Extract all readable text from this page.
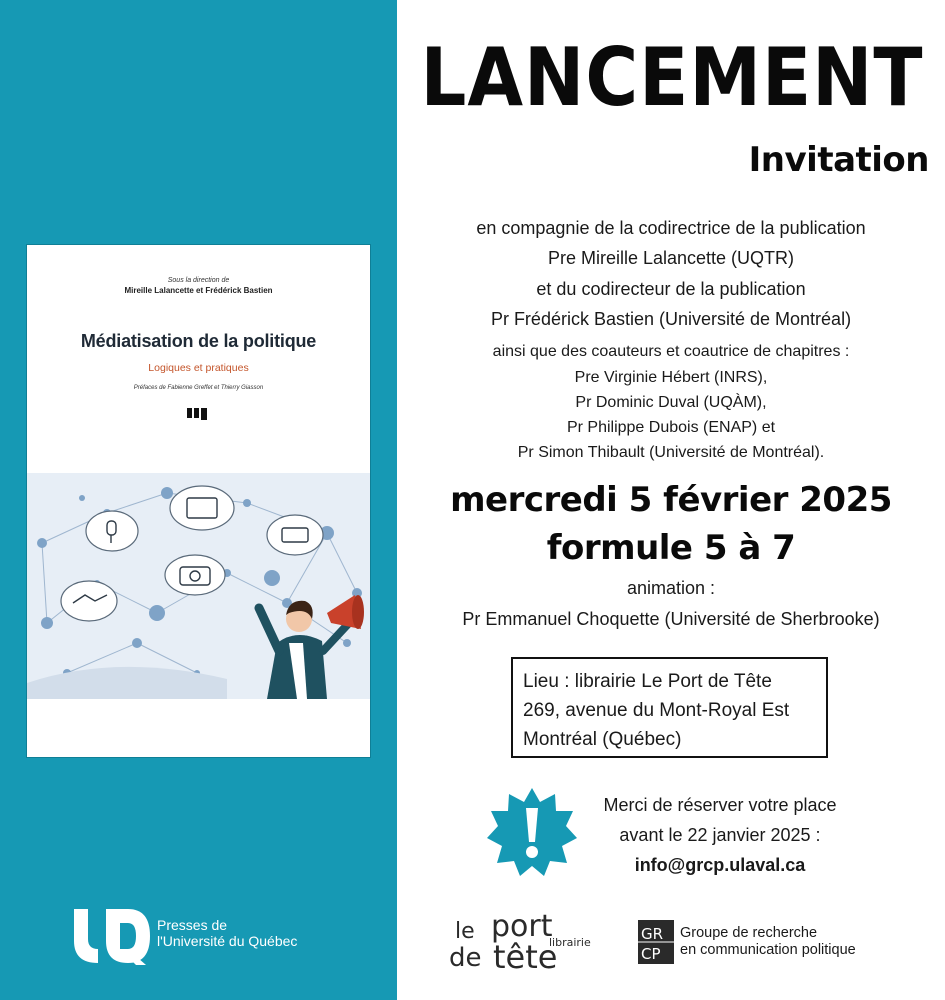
Sous la direction de
Mireille Lalancette et Frédérick Bastien
Médiatisation de la politique
Logiques et pratiques
Préfaces de Fabienne Greffet et Thierry Giasson
Presses de
l'Université du Québec
LANCEMENT
Invitation
en compagnie de la codirectrice de la publication
Pre Mireille Lalancette (UQTR)
et du codirecteur de la publication
Pr Frédérick Bastien (Université de Montréal)
ainsi que des coauteurs et coautrice de chapitres :
Pre Virginie Hébert (INRS),
Pr Dominic Duval (UQÀM),
Pr Philippe Dubois (ENAP) et
Pr Simon Thibault (Université de Montréal).
mercredi 5 février 2025
formule 5 à 7
animation :
Pr Emmanuel Choquette (Université de Sherbrooke)
Lieu : librairie Le Port de Tête
269, avenue du Mont-Royal Est
Montréal (Québec)
Merci de réserver votre place
avant le 22 janvier 2025 :
info@grcp.ulaval.ca
le port
de tête
librairie	GR
CP
Groupe de recherche
en communication politique
